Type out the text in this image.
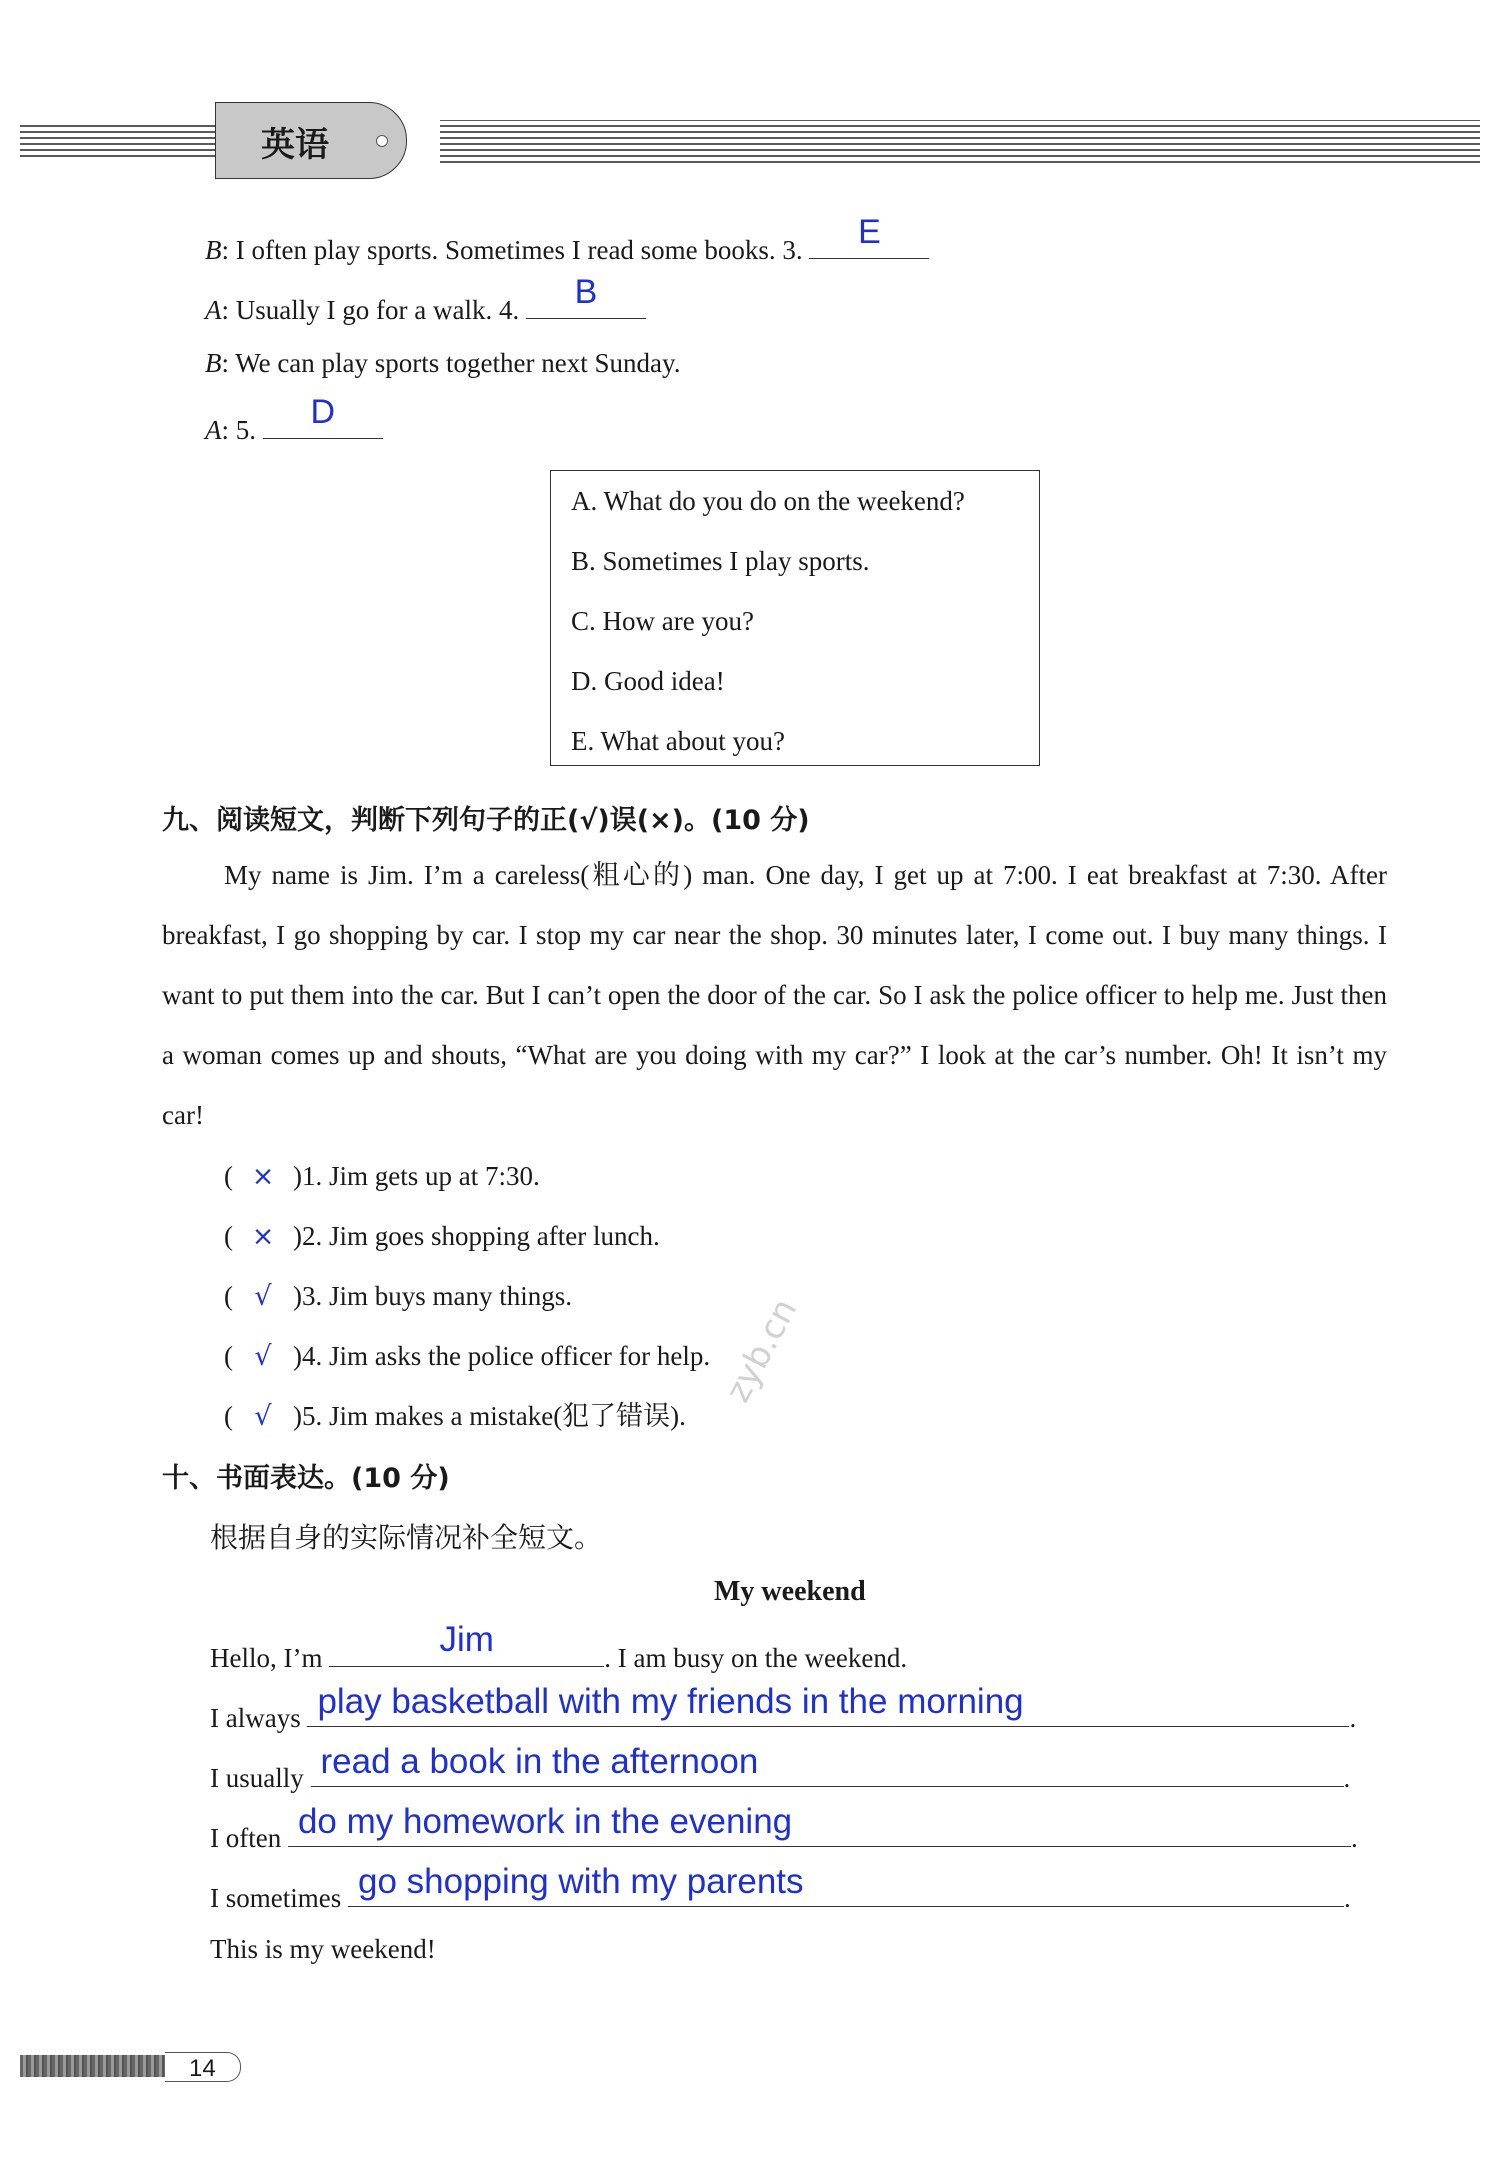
英语
B: I often play sports. Sometimes I read some books. 3.	E
A: Usually I go for a walk. 4.	B
B: We can play sports together next Sunday.
A: 5.	D
A. What do you do on the weekend?
B. Sometimes I play sports.
C. How are you?
D. Good idea!
E. What about you?
九、阅读短文，判断下列句子的正(√)误(×)。(10 分)
My name is Jim. I’m a careless(粗心的) man. One day, I get up at 7:00. I eat breakfast at 7:30. After breakfast, I go shopping by car. I stop my car near the shop. 30 minutes later, I come out. I buy many things. I want to put them into the car. But I can’t open the door of the car. So I ask the police officer to help me. Just then a woman comes up and shouts, “What are you doing with my car?” I look at the car’s number. Oh! It isn’t my car!
( × )1. Jim gets up at 7:30.
( × )2. Jim goes shopping after lunch.
( √ )3. Jim buys many things.
( √ )4. Jim asks the police officer for help.
( √ )5. Jim makes a mistake(犯了错误).
zyb.cn
十、书面表达。(10 分)
根据自身的实际情况补全短文。
My weekend
Hello, I’m	Jim	. I am busy on the weekend.
I always play basketball with my friends in the morning	.
I usually read a book in the afternoon	.
I often do my homework in the evening	.
I sometimes go shopping with my parents	.
This is my weekend!
14
